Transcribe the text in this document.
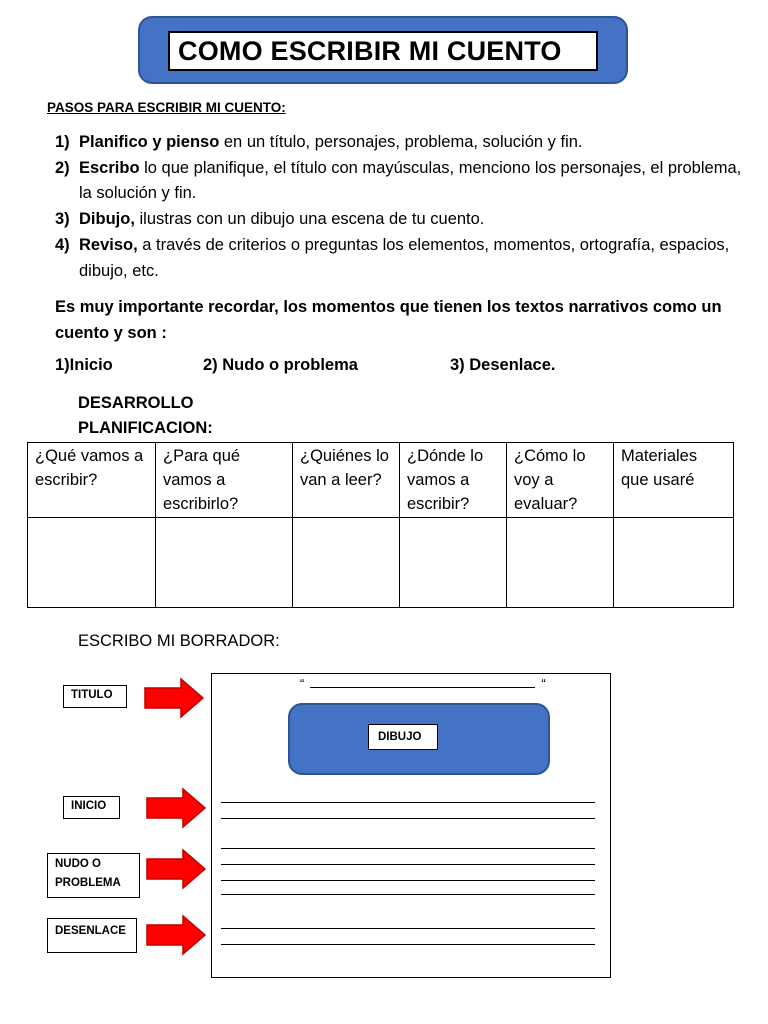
COMO ESCRIBIR MI CUENTO
PASOS PARA ESCRIBIR MI CUENTO:
1) Planifico y pienso en un título, personajes, problema, solución y fin.
2) Escribo lo que planifique, el título con mayúsculas, menciono los personajes, el problema, la solución y fin.
3) Dibujo, ilustras con un dibujo una escena de tu cuento.
4) Reviso, a través de criterios o preguntas los elementos, momentos, ortografía, espacios, dibujo, etc.
Es muy importante recordar, los momentos que tienen los textos narrativos como un cuento y son :
1)Inicio	2) Nudo o problema	3) Desenlace.
DESARROLLO
PLANIFICACION:
¿Qué vamos a escribir?	¿Para qué vamos a escribirlo?	¿Quiénes lo van a leer?	¿Dónde lo vamos a escribir?	¿Cómo lo voy a evaluar?	Materiales que usaré

ESCRIBO MI BORRADOR:
TITULO
INICIO
NUDO O PROBLEMA
DESENLACE
“	“
DIBUJO
